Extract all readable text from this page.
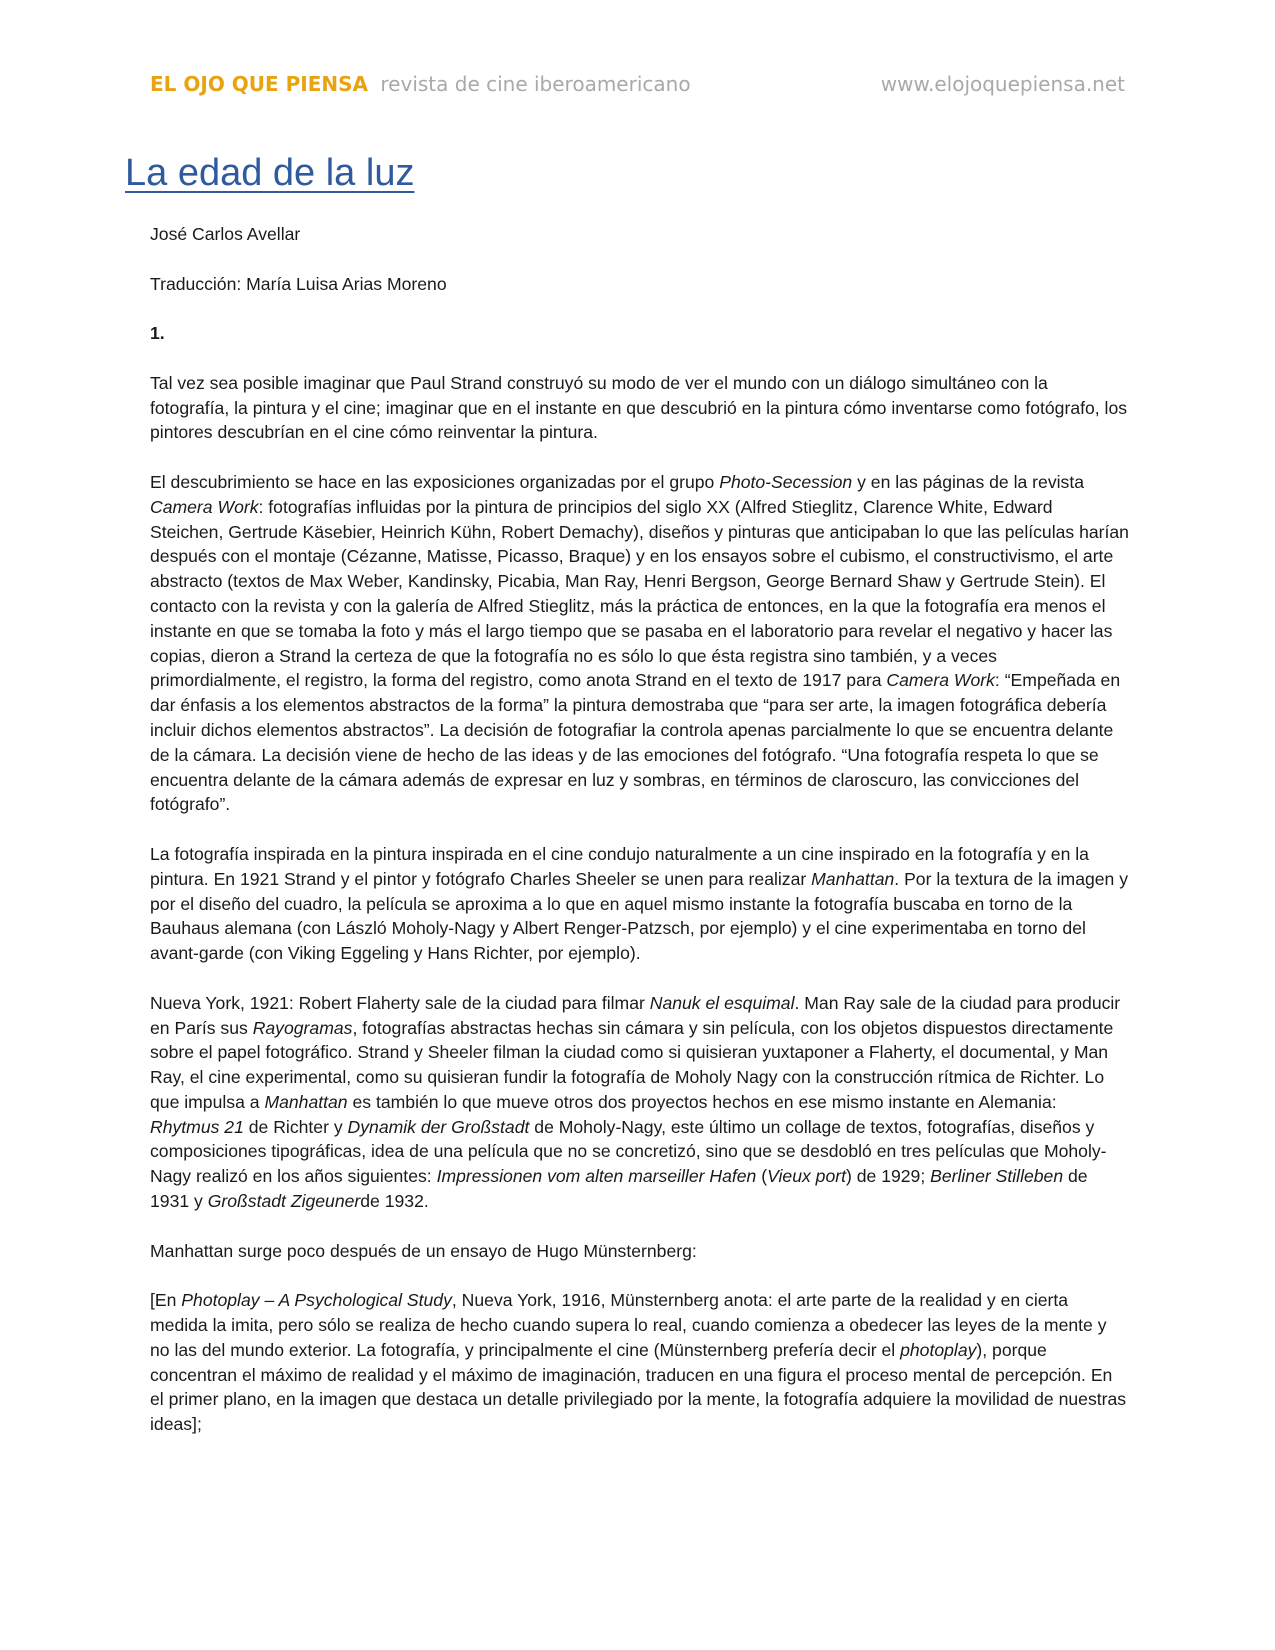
EL OJO QUE PIENSA revista de cine iberoamericano	www.elojoquepiensa.net
La edad de la luz

José Carlos Avellar

Traducción: María Luisa Arias Moreno

1.

Tal vez sea posible imaginar que Paul Strand construyó su modo de ver el mundo con un diálogo simultáneo con la fotografía, la pintura y el cine; imaginar que en el instante en que descubrió en la pintura cómo inventarse como fotógrafo, los pintores descubrían en el cine cómo reinventar la pintura.

El descubrimiento se hace en las exposiciones organizadas por el grupo Photo-Secession y en las páginas de la revista Camera Work: fotografías influidas por la pintura de principios del siglo XX (Alfred Stieglitz, Clarence White, Edward Steichen, Gertrude Käsebier, Heinrich Kühn, Robert Demachy), diseños y pinturas que anticipaban lo que las películas harían después con el montaje (Cézanne, Matisse, Picasso, Braque) y en los ensayos sobre el cubismo, el constructivismo, el arte abstracto (textos de Max Weber, Kandinsky, Picabia, Man Ray, Henri Bergson, George Bernard Shaw y Gertrude Stein). El contacto con la revista y con la galería de Alfred Stieglitz, más la práctica de entonces, en la que la fotografía era menos el instante en que se tomaba la foto y más el largo tiempo que se pasaba en el laboratorio para revelar el negativo y hacer las copias, dieron a Strand la certeza de que la fotografía no es sólo lo que ésta registra sino también, y a veces primordialmente, el registro, la forma del registro, como anota Strand en el texto de 1917 para Camera Work: “Empeñada en dar énfasis a los elementos abstractos de la forma” la pintura demostraba que “para ser arte, la imagen fotográfica debería incluir dichos elementos abstractos”. La decisión de fotografiar la controla apenas parcialmente lo que se encuentra delante de la cámara. La decisión viene de hecho de las ideas y de las emociones del fotógrafo. “Una fotografía respeta lo que se encuentra delante de la cámara además de expresar en luz y sombras, en términos de claroscuro, las convicciones del fotógrafo”.

La fotografía inspirada en la pintura inspirada en el cine condujo naturalmente a un cine inspirado en la fotografía y en la pintura. En 1921 Strand y el pintor y fotógrafo Charles Sheeler se unen para realizar Manhattan. Por la textura de la imagen y por el diseño del cuadro, la película se aproxima a lo que en aquel mismo instante la fotografía buscaba en torno de la Bauhaus alemana (con László Moholy-Nagy y Albert Renger-Patzsch, por ejemplo) y el cine experimentaba en torno del avant-garde (con Viking Eggeling y Hans Richter, por ejemplo).

Nueva York, 1921: Robert Flaherty sale de la ciudad para filmar Nanuk el esquimal. Man Ray sale de la ciudad para producir en París sus Rayogramas, fotografías abstractas hechas sin cámara y sin película, con los objetos dispuestos directamente sobre el papel fotográfico. Strand y Sheeler filman la ciudad como si quisieran yuxtaponer a Flaherty, el documental, y Man Ray, el cine experimental, como su quisieran fundir la fotografía de Moholy Nagy con la construcción rítmica de Richter. Lo que impulsa a Manhattan es también lo que mueve otros dos proyectos hechos en ese mismo instante en Alemania: Rhytmus 21 de Richter y Dynamik der Großstadt de Moholy-Nagy, este último un collage de textos, fotografías, diseños y composiciones tipográficas, idea de una película que no se concretizó, sino que se desdobló en tres películas que Moholy-Nagy realizó en los años siguientes: Impressionen vom alten marseiller Hafen (Vieux port) de 1929; Berliner Stilleben de 1931 y Großstadt Zigeunerde 1932.

Manhattan surge poco después de un ensayo de Hugo Münsternberg:

[En Photoplay – A Psychological Study, Nueva York, 1916, Münsternberg anota: el arte parte de la realidad y en cierta medida la imita, pero sólo se realiza de hecho cuando supera lo real, cuando comienza a obedecer las leyes de la mente y no las del mundo exterior. La fotografía, y principalmente el cine (Münsternberg prefería decir el photoplay), porque concentran el máximo de realidad y el máximo de imaginación, traducen en una figura el proceso mental de percepción. En el primer plano, en la imagen que destaca un detalle privilegiado por la mente, la fotografía adquiere la movilidad de nuestras ideas];
